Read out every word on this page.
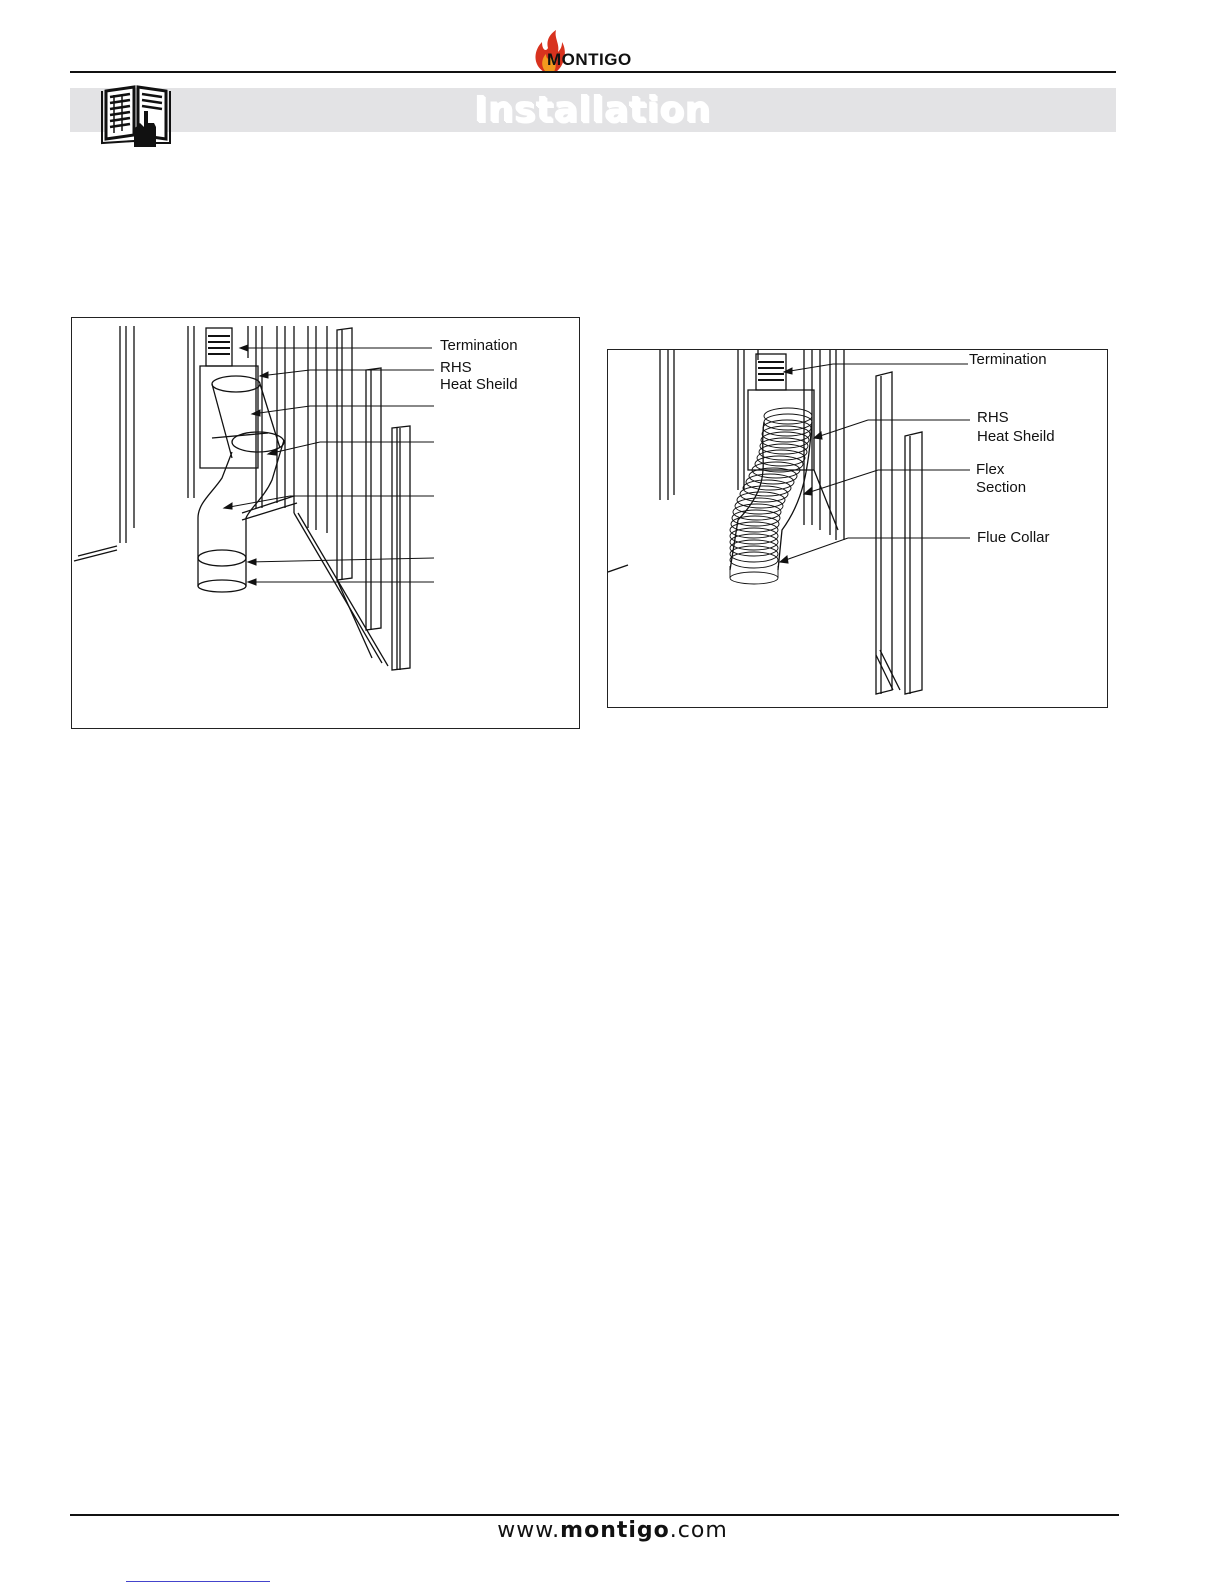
MONTIGO
Installation
Termination
RHS
Heat Sheild
Termination
RHS
Heat Sheild
Flex
Section
Flue Collar
www.montigo.com
